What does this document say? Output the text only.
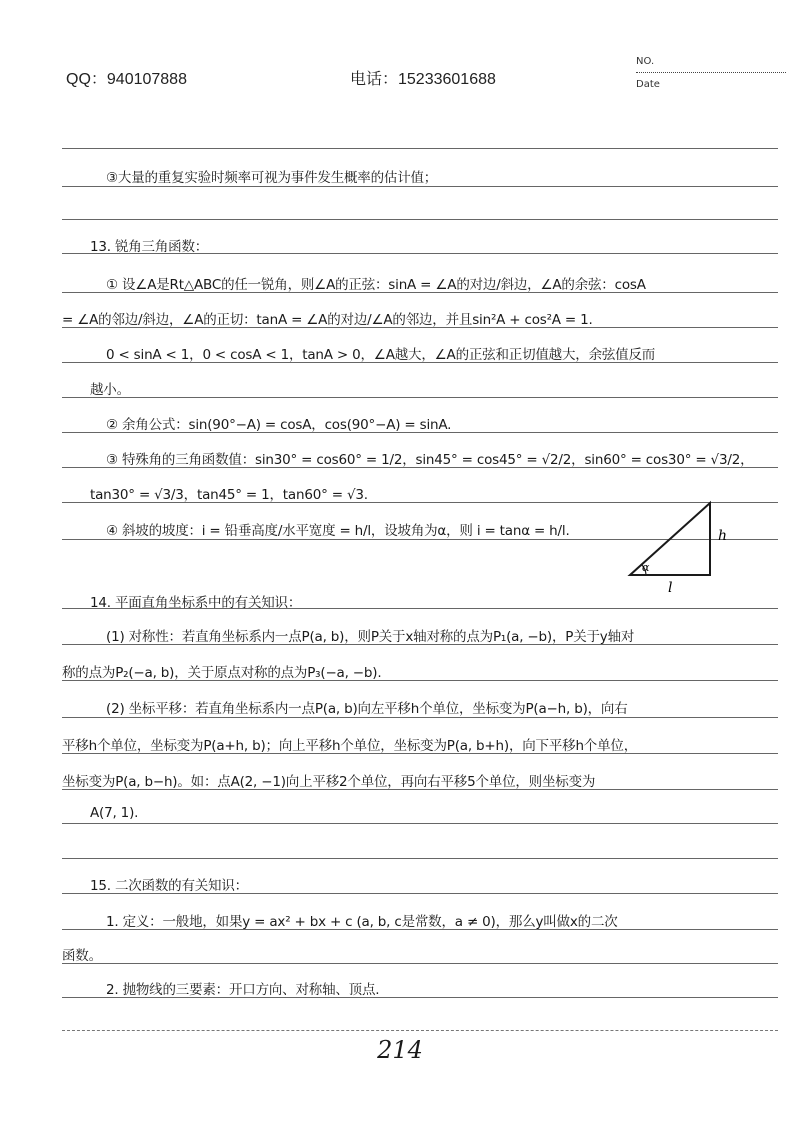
QQ：940107888	电话：15233601688
NO.
Date
③大量的重复实验时频率可视为事件发生概率的估计值；
13. 锐角三角函数：
① 设∠A是Rt△ABC的任一锐角，则∠A的正弦：sinA = ∠A的对边/斜边，∠A的余弦：cosA
= ∠A的邻边/斜边，∠A的正切：tanA = ∠A的对边/∠A的邻边，并且sin²A + cos²A = 1.
0 < sinA < 1，0 < cosA < 1，tanA > 0，∠A越大，∠A的正弦和正切值越大，余弦值反而
越小。
② 余角公式：sin(90°−A) = cosA，cos(90°−A) = sinA.
③ 特殊角的三角函数值：sin30° = cos60° = 1/2，sin45° = cos45° = √2/2，sin60° = cos30° = √3/2，
tan30° = √3/3，tan45° = 1，tan60° = √3.
④ 斜坡的坡度：i = 铅垂高度/水平宽度 = h/l，设坡角为α，则 i = tanα = h/l.
14. 平面直角坐标系中的有关知识：
(1) 对称性：若直角坐标系内一点P(a, b)，则P关于x轴对称的点为P₁(a, −b)，P关于y轴对
称的点为P₂(−a, b)，关于原点对称的点为P₃(−a, −b).
(2) 坐标平移：若直角坐标系内一点P(a, b)向左平移h个单位，坐标变为P(a−h, b)，向右
平移h个单位，坐标变为P(a+h, b)；向上平移h个单位，坐标变为P(a, b+h)，向下平移h个单位，
坐标变为P(a, b−h)。如：点A(2, −1)向上平移2个单位，再向右平移5个单位，则坐标变为
A(7, 1).
15. 二次函数的有关知识：
1. 定义：一般地，如果y = ax² + bx + c (a, b, c是常数，a ≠ 0)，那么y叫做x的二次
函数。
2. 抛物线的三要素：开口方向、对称轴、顶点.
α
h
l
214
